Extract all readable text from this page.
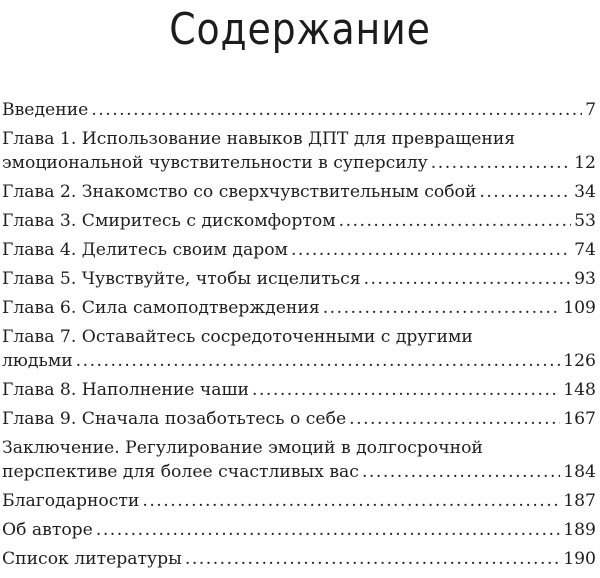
Содержание
Введение .....	7
Глава 1. Использование навыков ДПТ для превращения
эмоциональной чувствительности в суперсилу .....	12
Глава 2. Знакомство со сверхчувствительным собой .....	34
Глава 3. Смиритесь с дискомфортом .....	53
Глава 4. Делитесь своим даром .....	74
Глава 5. Чувствуйте, чтобы исцелиться .....	93
Глава 6. Сила самоподтверждения .....	109
Глава 7. Оставайтесь сосредоточенными с другими
людьми .....	126
Глава 8. Наполнение чаши .....	148
Глава 9. Сначала позаботьтесь о себе .....	167
Заключение. Регулирование эмоций в долгосрочной
перспективе для более счастливых вас .....	184
Благодарности .....	187
Об авторе .....	189
Список литературы .....	190
